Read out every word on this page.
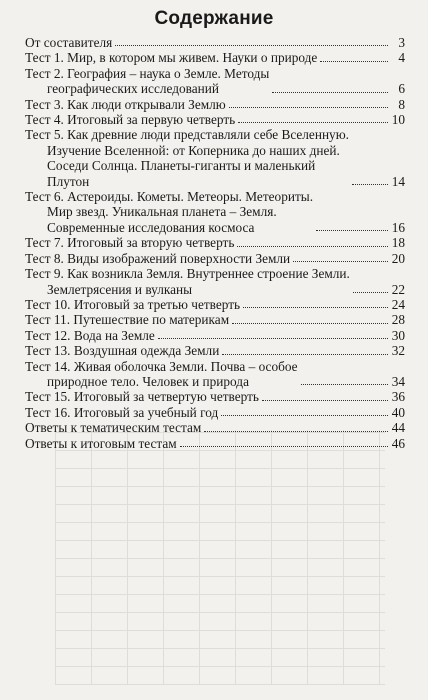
Содержание
От составителя	3
Тест 1. Мир, в котором мы живем. Науки о природе	4
Тест 2. География – наука о Земле. Методы
географических исследований	6
Тест 3. Как люди открывали Землю	8
Тест 4. Итоговый за первую четверть	10
Тест 5. Как древние люди представляли себе Вселенную.
Изучение Вселенной: от Коперника до наших дней.
Соседи Солнца. Планеты-гиганты и маленький
Плутон	14
Тест 6. Астероиды. Кометы. Метеоры. Метеориты.
Мир звезд. Уникальная планета – Земля.
Современные исследования космоса	16
Тест 7. Итоговый за вторую четверть	18
Тест 8. Виды изображений поверхности Земли	20
Тест 9. Как возникла Земля. Внутреннее строение Земли.
Землетрясения и вулканы	22
Тест 10. Итоговый за третью четверть	24
Тест 11. Путешествие по материкам	28
Тест 12. Вода на Земле	30
Тест 13. Воздушная одежда Земли	32
Тест 14. Живая оболочка Земли. Почва – особое
природное тело. Человек и природа	34
Тест 15. Итоговый за четвертую четверть	36
Тест 16. Итоговый за учебный год	40
Ответы к тематическим тестам	44
Ответы к итоговым тестам	46
